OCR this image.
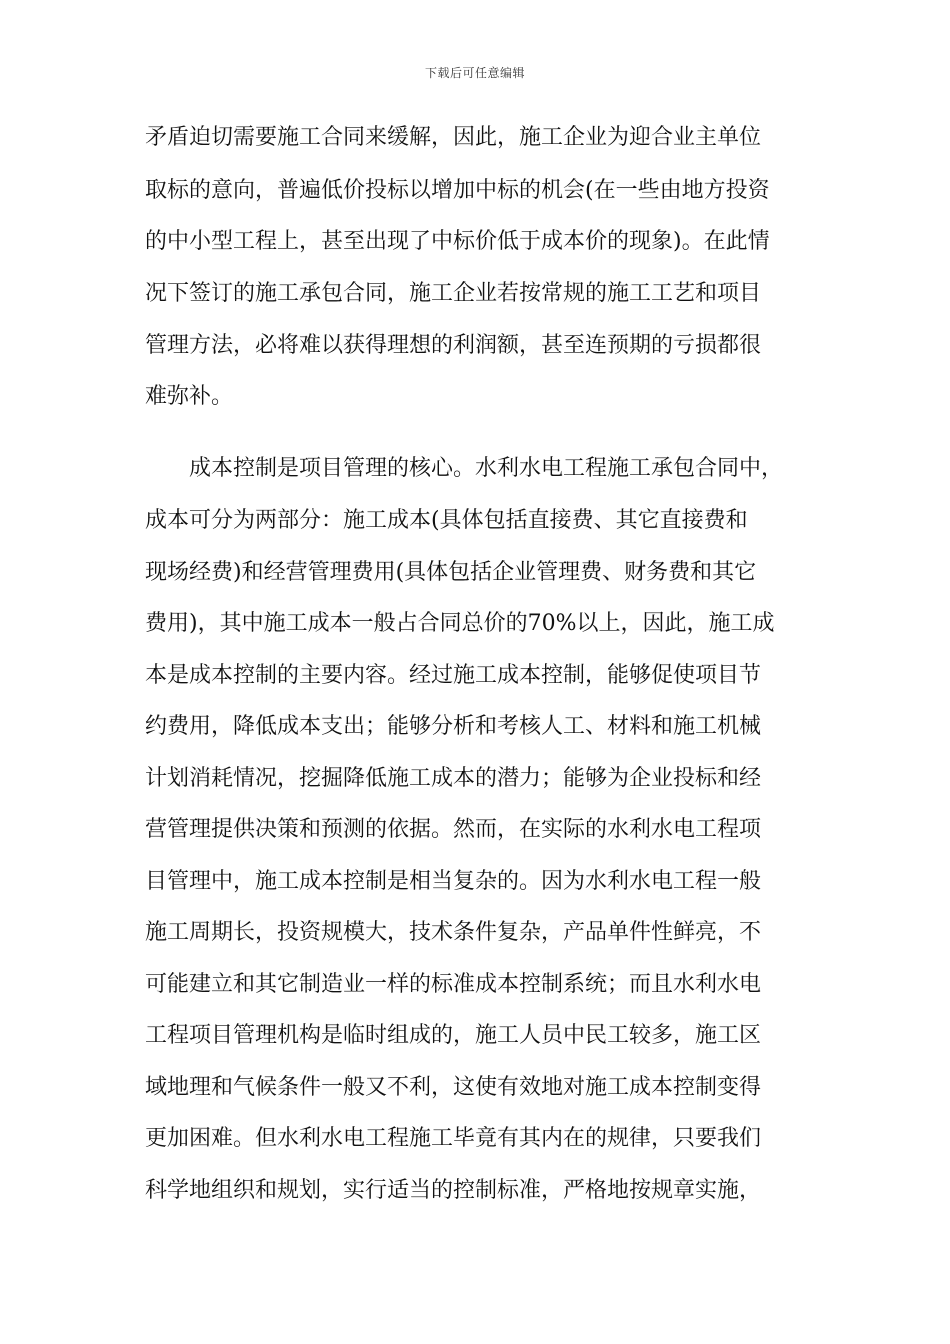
下载后可任意编辑
矛盾迫切需要施工合同来缓解，因此，施工企业为迎合业主单位
取标的意向，普遍低价投标以增加中标的机会(在一些由地方投资
的中小型工程上，甚至出现了中标价低于成本价的现象)。在此情
况下签订的施工承包合同，施工企业若按常规的施工工艺和项目
管理方法，必将难以获得理想的利润额，甚至连预期的亏损都很
难弥补。
　　成本控制是项目管理的核心。水利水电工程施工承包合同中，
成本可分为两部分：施工成本(具体包括直接费、其它直接费和
现场经费)和经营管理费用(具体包括企业管理费、财务费和其它
费用)，其中施工成本一般占合同总价的70%以上，因此，施工成
本是成本控制的主要内容。经过施工成本控制，能够促使项目节
约费用，降低成本支出；能够分析和考核人工、材料和施工机械
计划消耗情况，挖掘降低施工成本的潜力；能够为企业投标和经
营管理提供决策和预测的依据。然而，在实际的水利水电工程项
目管理中，施工成本控制是相当复杂的。因为水利水电工程一般
施工周期长，投资规模大，技术条件复杂，产品单件性鲜亮，不
可能建立和其它制造业一样的标准成本控制系统；而且水利水电
工程项目管理机构是临时组成的，施工人员中民工较多，施工区
域地理和气候条件一般又不利，这使有效地对施工成本控制变得
更加困难。但水利水电工程施工毕竟有其内在的规律，只要我们
科学地组织和规划，实行适当的控制标准，严格地按规章实施，
